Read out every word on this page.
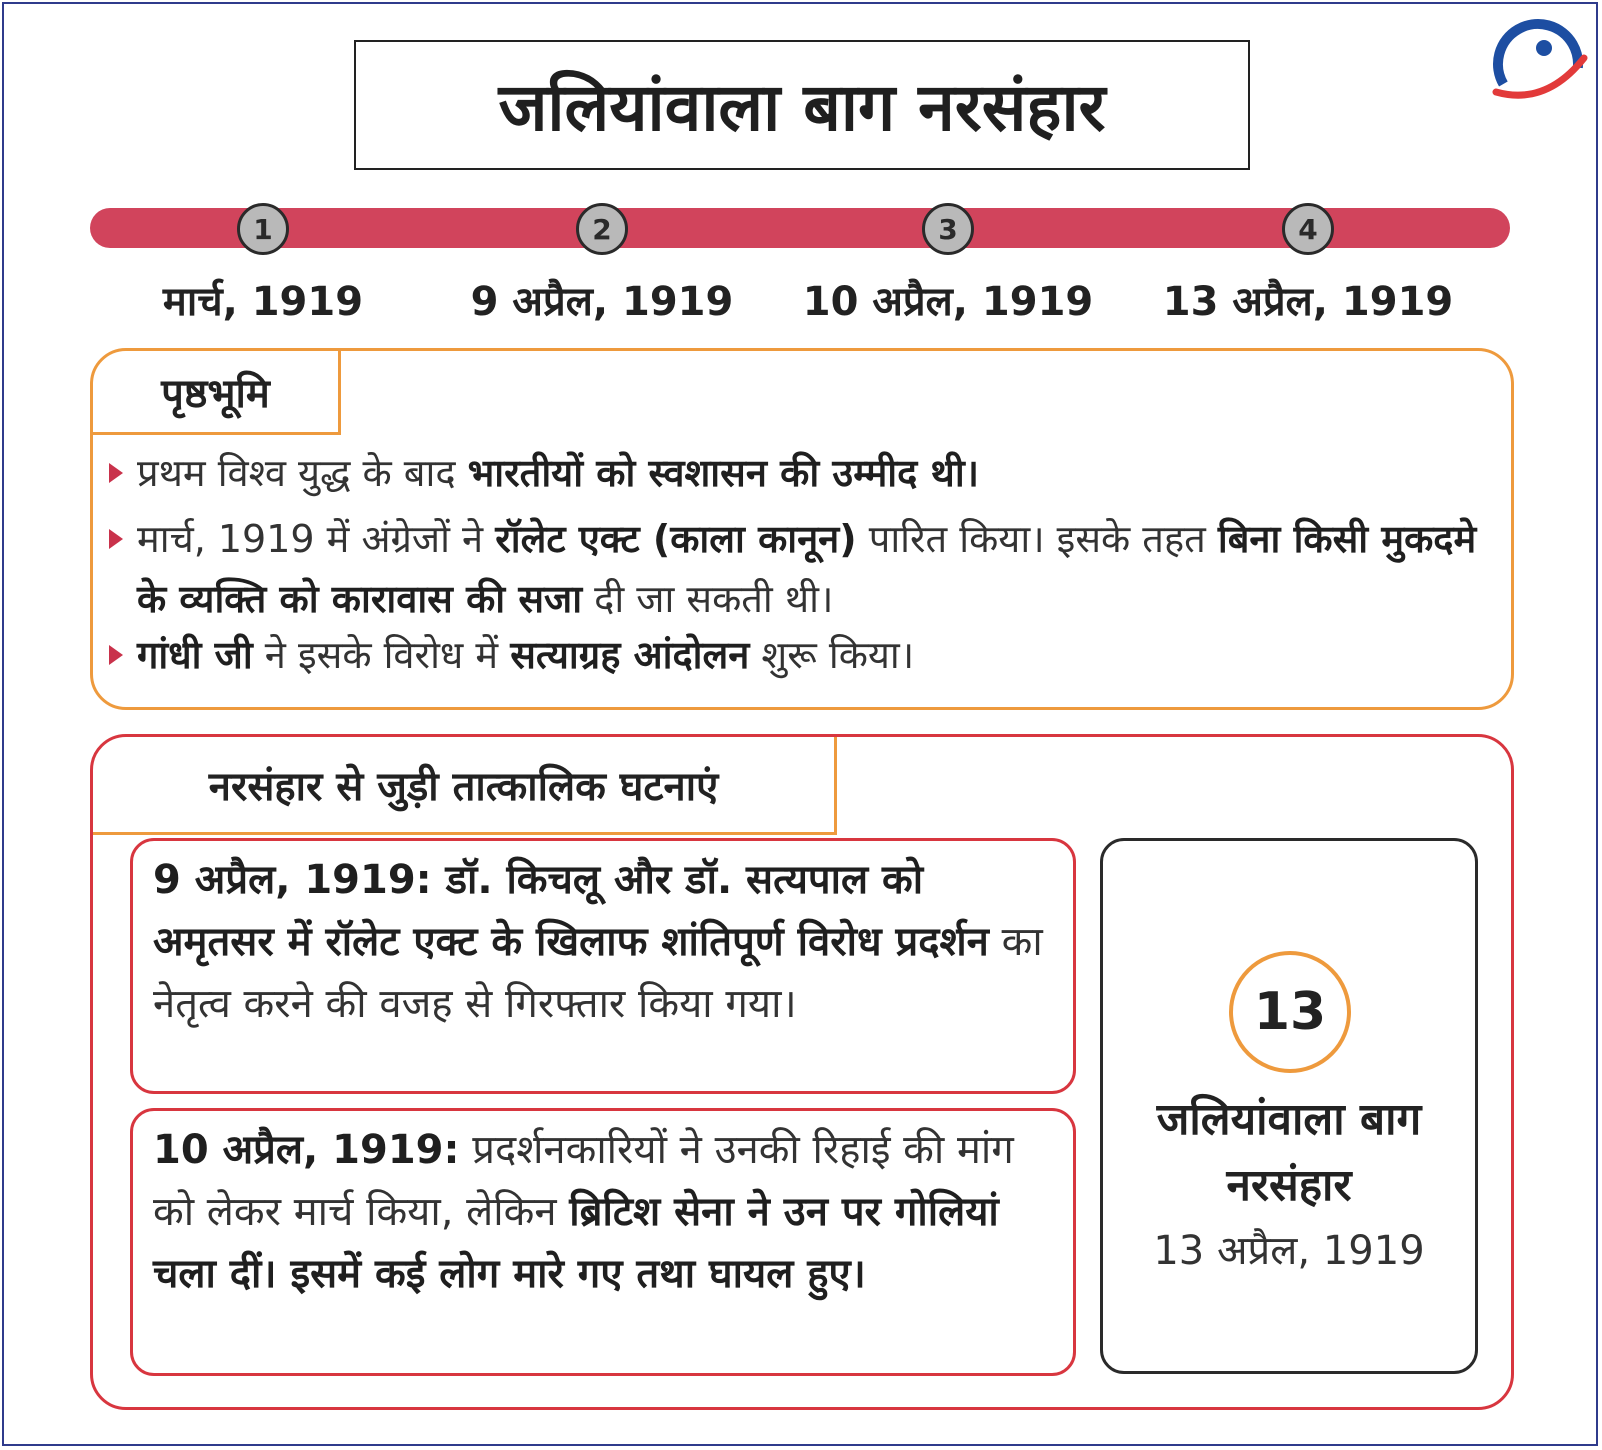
जलियांवाला बाग नरसंहार
1	2	3	4
मार्च, 1919	9 अप्रैल, 1919	10 अप्रैल, 1919	13 अप्रैल, 1919
पृष्ठभूमि
प्रथम विश्व युद्ध के बाद भारतीयों को स्वशासन की उम्मीद थी।
मार्च, 1919 में अंग्रेजों ने रॉलेट एक्ट (काला कानून) पारित किया। इसके तहत बिना किसी मुकदमे के व्यक्ति को कारावास की सजा दी जा सकती थी।
गांधी जी ने इसके विरोध में सत्याग्रह आंदोलन शुरू किया।
नरसंहार से जुड़ी तात्कालिक घटनाएं
9 अप्रैल, 1919: डॉ. किचलू और डॉ. सत्यपाल को अमृतसर में रॉलेट एक्ट के खिलाफ शांतिपूर्ण विरोध प्रदर्शन का नेतृत्व करने की वजह से गिरफ्तार किया गया।
10 अप्रैल, 1919: प्रदर्शनकारियों ने उनकी रिहाई की मांग को लेकर मार्च किया, लेकिन ब्रिटिश सेना ने उन पर गोलियां चला दीं। इसमें कई लोग मारे गए तथा घायल हुए।
13
जलियांवाला बाग नरसंहार
13 अप्रैल, 1919
